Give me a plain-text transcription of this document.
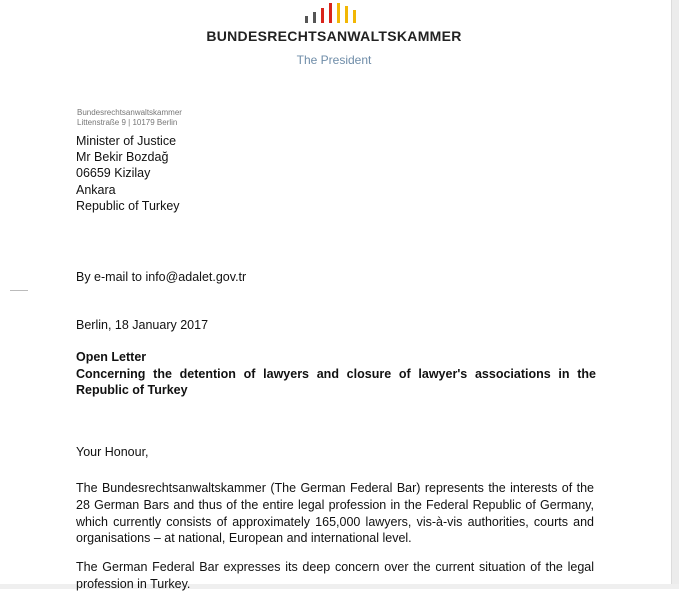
BUNDESRECHTSANWALTSKAMMER
The President
Bundesrechtsanwaltskammer
Littenstraße 9 | 10179 Berlin
Minister of Justice
Mr Bekir Bozdağ
06659 Kizilay
Ankara
Republic of Turkey
By e-mail to info@adalet.gov.tr
Berlin, 18 January 2017
Open Letter
Concerning the detention of lawyers and closure of lawyer's associations in the Republic of Turkey
Your Honour,
The Bundesrechtsanwaltskammer (The German Federal Bar) represents the interests of the 28 German Bars and thus of the entire legal profession in the Federal Republic of Germany, which currently consists of approximately 165,000 lawyers, vis-à-vis authorities, courts and organisations – at national, European and international level.
The German Federal Bar expresses its deep concern over the current situation of the legal profession in Turkey.
